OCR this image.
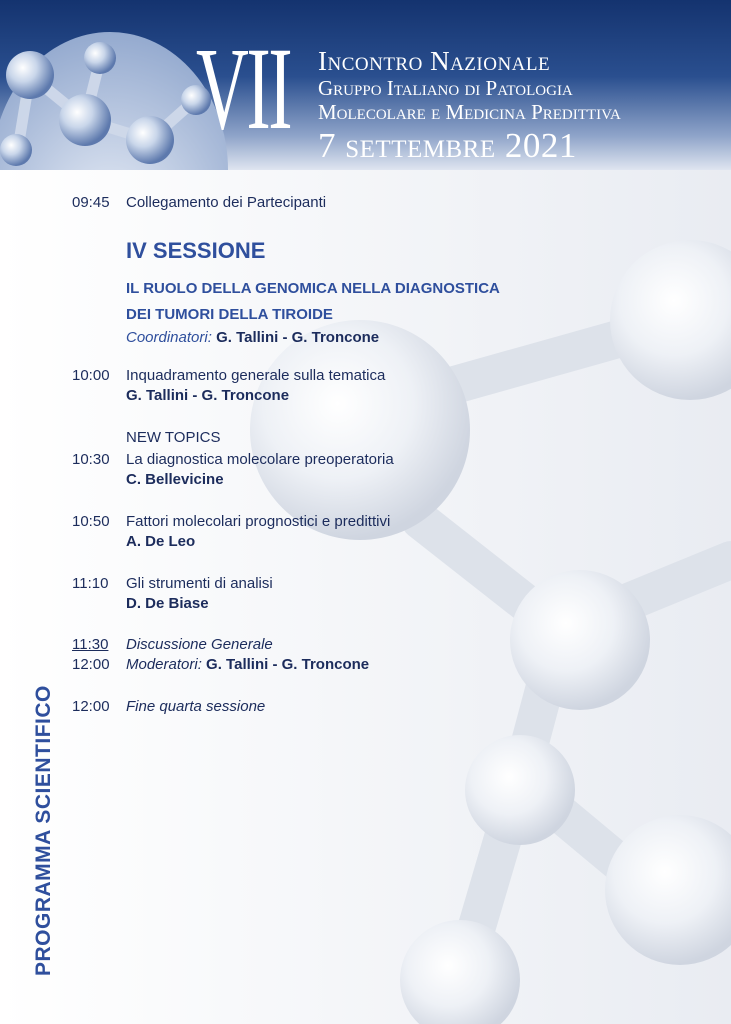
VII Incontro Nazionale
Gruppo Italiano di Patologia
Molecolare e Medicina Predittiva
7 settembre 2021
PROGRAMMA SCIENTIFICO
09:45 Collegamento dei Partecipanti
IV SESSIONE
IL RUOLO DELLA GENOMICA NELLA DIAGNOSTICA
DEI TUMORI DELLA TIROIDE
Coordinatori: G. Tallini - G. Troncone
10:00 Inquadramento generale sulla tematica
G. Tallini - G. Troncone
NEW TOPICS
10:30 La diagnostica molecolare preoperatoria
C. Bellevicine
10:50 Fattori molecolari prognostici e predittivi
A. De Leo
11:10 Gli strumenti di analisi
D. De Biase
11:30 Discussione Generale
12:00 Moderatori: G. Tallini - G. Troncone
12:00 Fine quarta sessione
